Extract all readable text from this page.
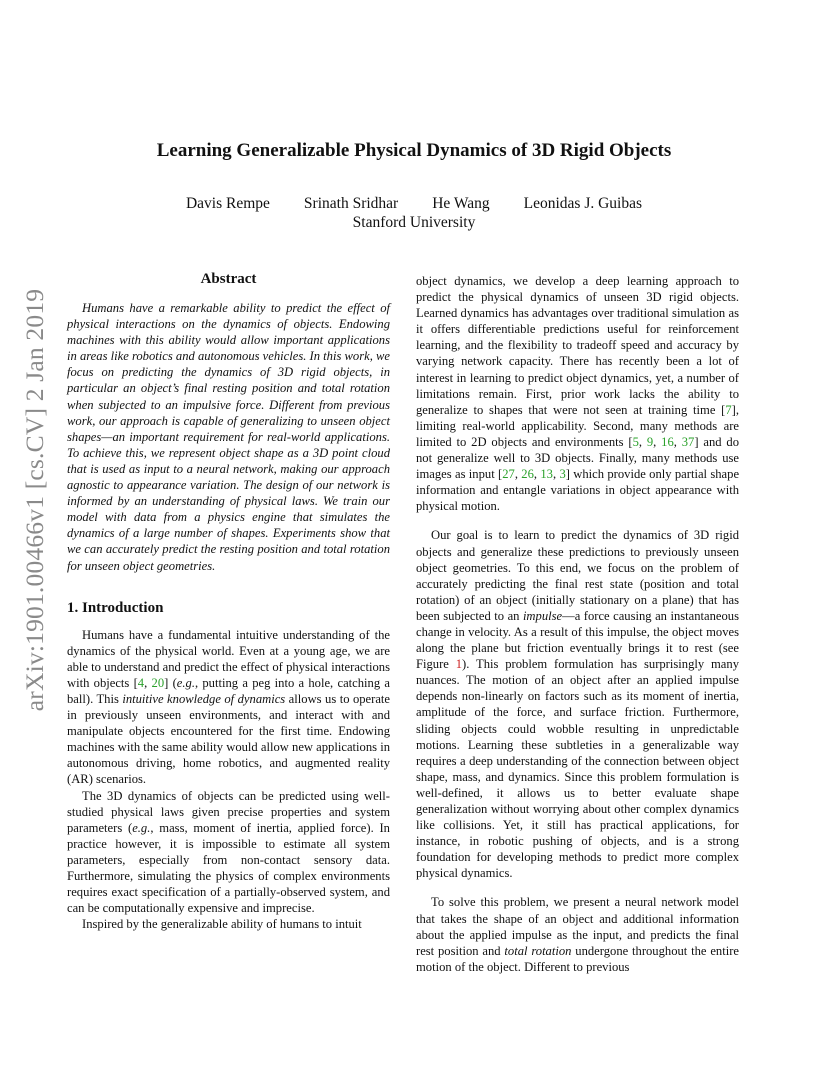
arXiv:1901.00466v1 [cs.CV] 2 Jan 2019
Learning Generalizable Physical Dynamics of 3D Rigid Objects
Davis Rempe Srinath Sridhar He Wang Leonidas J. Guibas
Stanford University
Abstract

Humans have a remarkable ability to predict the effect of physical interactions on the dynamics of objects. Endowing machines with this ability would allow important applications in areas like robotics and autonomous vehicles. In this work, we focus on predicting the dynamics of 3D rigid objects, in particular an object’s final resting position and total rotation when subjected to an impulsive force. Different from previous work, our approach is capable of generalizing to unseen object shapes—an important requirement for real-world applications. To achieve this, we represent object shape as a 3D point cloud that is used as input to a neural network, making our approach agnostic to appearance variation. The design of our network is informed by an understanding of physical laws. We train our model with data from a physics engine that simulates the dynamics of a large number of shapes. Experiments show that we can accurately predict the resting position and total rotation for unseen object geometries.

1. Introduction

Humans have a fundamental intuitive understanding of the dynamics of the physical world. Even at a young age, we are able to understand and predict the effect of physical interactions with objects [4, 20] (e.g., putting a peg into a hole, catching a ball). This intuitive knowledge of dynamics allows us to operate in previously unseen environments, and interact with and manipulate objects encountered for the first time. Endowing machines with the same ability would allow new applications in autonomous driving, home robotics, and augmented reality (AR) scenarios.

The 3D dynamics of objects can be predicted using well-studied physical laws given precise properties and system parameters (e.g., mass, moment of inertia, applied force). In practice however, it is impossible to estimate all system parameters, especially from non-contact sensory data. Furthermore, simulating the physics of complex environments requires exact specification of a partially-observed system, and can be computationally expensive and imprecise.

Inspired by the generalizable ability of humans to intuit

object dynamics, we develop a deep learning approach to predict the physical dynamics of unseen 3D rigid objects. Learned dynamics has advantages over traditional simulation as it offers differentiable predictions useful for reinforcement learning, and the flexibility to tradeoff speed and accuracy by varying network capacity. There has recently been a lot of interest in learning to predict object dynamics, yet, a number of limitations remain. First, prior work lacks the ability to generalize to shapes that were not seen at training time [7], limiting real-world applicability. Second, many methods are limited to 2D objects and environments [5, 9, 16, 37] and do not generalize well to 3D objects. Finally, many methods use images as input [27, 26, 13, 3] which provide only partial shape information and entangle variations in object appearance with physical motion.

Our goal is to learn to predict the dynamics of 3D rigid objects and generalize these predictions to previously unseen object geometries. To this end, we focus on the problem of accurately predicting the final rest state (position and total rotation) of an object (initially stationary on a plane) that has been subjected to an impulse—a force causing an instantaneous change in velocity. As a result of this impulse, the object moves along the plane but friction eventually brings it to rest (see Figure 1). This problem formulation has surprisingly many nuances. The motion of an object after an applied impulse depends non-linearly on factors such as its moment of inertia, amplitude of the force, and surface friction. Furthermore, sliding objects could wobble resulting in unpredictable motions. Learning these subtleties in a generalizable way requires a deep understanding of the connection between object shape, mass, and dynamics. Since this problem formulation is well-defined, it allows us to better evaluate shape generalization without worrying about other complex dynamics like collisions. Yet, it still has practical applications, for instance, in robotic pushing of objects, and is a strong foundation for developing methods to predict more complex physical dynamics.

To solve this problem, we present a neural network model that takes the shape of an object and additional information about the applied impulse as the input, and predicts the final rest position and total rotation undergone throughout the entire motion of the object. Different to previous
